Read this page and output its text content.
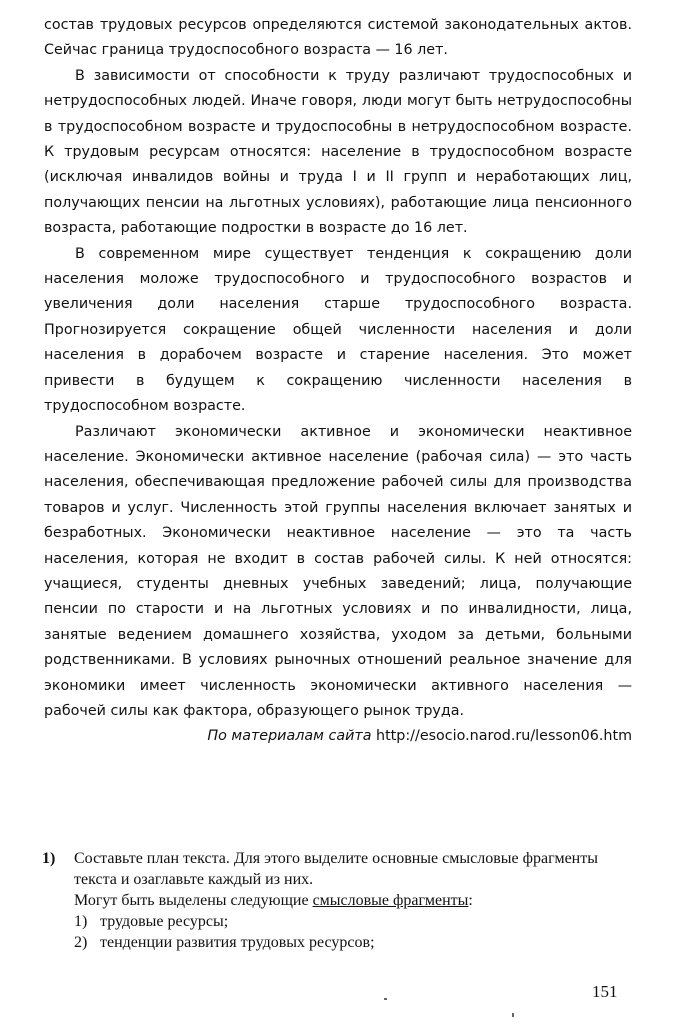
состав трудовых ресурсов определяются системой законодательных актов. Сейчас граница трудоспособного возраста — 16 лет.

В зависимости от способности к труду различают трудоспособных и нетрудоспособных людей. Иначе говоря, люди могут быть нетрудоспособны в трудоспособном возрасте и трудоспособны в нетрудоспособном возрасте. К трудовым ресурсам относятся: население в трудоспособном возрасте (исключая инвалидов войны и труда I и II групп и неработающих лиц, получающих пенсии на льготных условиях), работающие лица пенсионного возраста, работающие подростки в возрасте до 16 лет.

В современном мире существует тенденция к сокращению доли населения моложе трудоспособного и трудоспособного возрастов и увеличения доли населения старше трудоспособного возраста. Прогнозируется сокращение общей численности населения и доли населения в дорабочем возрасте и старение населения. Это может привести в будущем к сокращению численности населения в трудоспособном возрасте.

Различают экономически активное и экономически неактивное население. Экономически активное население (рабочая сила) — это часть населения, обеспечивающая предложение рабочей силы для производства товаров и услуг. Численность этой группы населения включает занятых и безработных. Экономически неактивное население — это та часть населения, которая не входит в состав рабочей силы. К ней относятся: учащиеся, студенты дневных учебных заведений; лица, получающие пенсии по старости и на льготных условиях и по инвалидности, лица, занятые ведением домашнего хозяйства, уходом за детьми, больными родственниками. В условиях рыночных отношений реальное значение для экономики имеет численность экономически активного населения — рабочей силы как фактора, образующего рынок труда.

По материалам сайта http://esocio.narod.ru/lesson06.htm

1)	Составьте план текста. Для этого выделите основные смысловые фрагменты текста и озаглавьте каждый из них.

Могут быть выделены следующие смысловые фрагменты:

1) трудовые ресурсы;
2) тенденции развития трудовых ресурсов;
151
